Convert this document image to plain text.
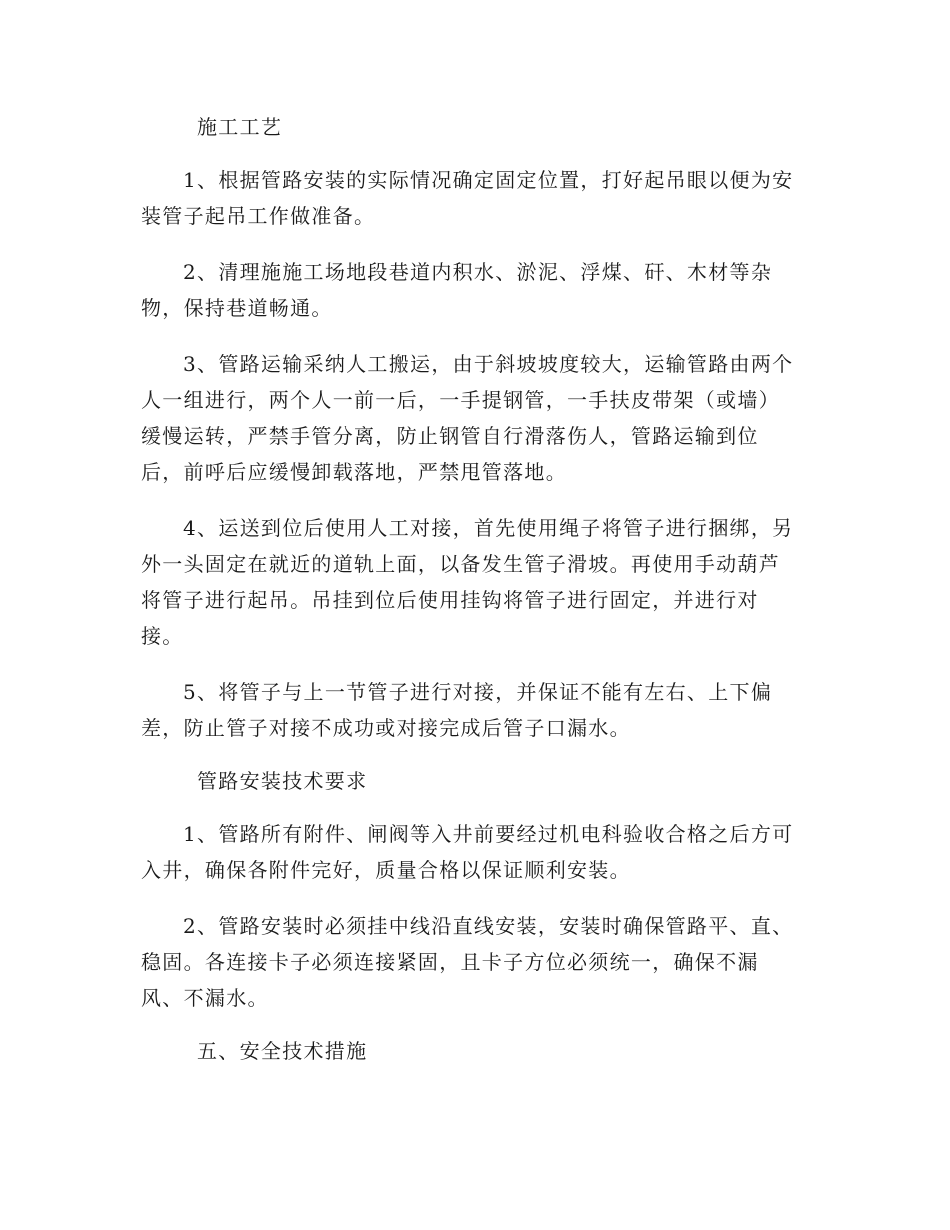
施工工艺
1、根据管路安装的实际情况确定固定位置，打好起吊眼以便为安
装管子起吊工作做准备。
2、清理施施工场地段巷道内积水、淤泥、浮煤、矸、木材等杂
物，保持巷道畅通。
3、管路运输采纳人工搬运，由于斜坡坡度较大，运输管路由两个
人一组进行，两个人一前一后，一手提钢管，一手扶皮带架（或墙）
缓慢运转，严禁手管分离，防止钢管自行滑落伤人，管路运输到位
后，前呼后应缓慢卸载落地，严禁甩管落地。
4、运送到位后使用人工对接，首先使用绳子将管子进行捆绑，另
外一头固定在就近的道轨上面，以备发生管子滑坡。再使用手动葫芦
将管子进行起吊。吊挂到位后使用挂钩将管子进行固定，并进行对
接。
5、将管子与上一节管子进行对接，并保证不能有左右、上下偏
差，防止管子对接不成功或对接完成后管子口漏水。
管路安装技术要求
1、管路所有附件、闸阀等入井前要经过机电科验收合格之后方可
入井，确保各附件完好，质量合格以保证顺利安装。
2、管路安装时必须挂中线沿直线安装，安装时确保管路平、直、
稳固。各连接卡子必须连接紧固，且卡子方位必须统一，确保不漏
风、不漏水。
五、安全技术措施
